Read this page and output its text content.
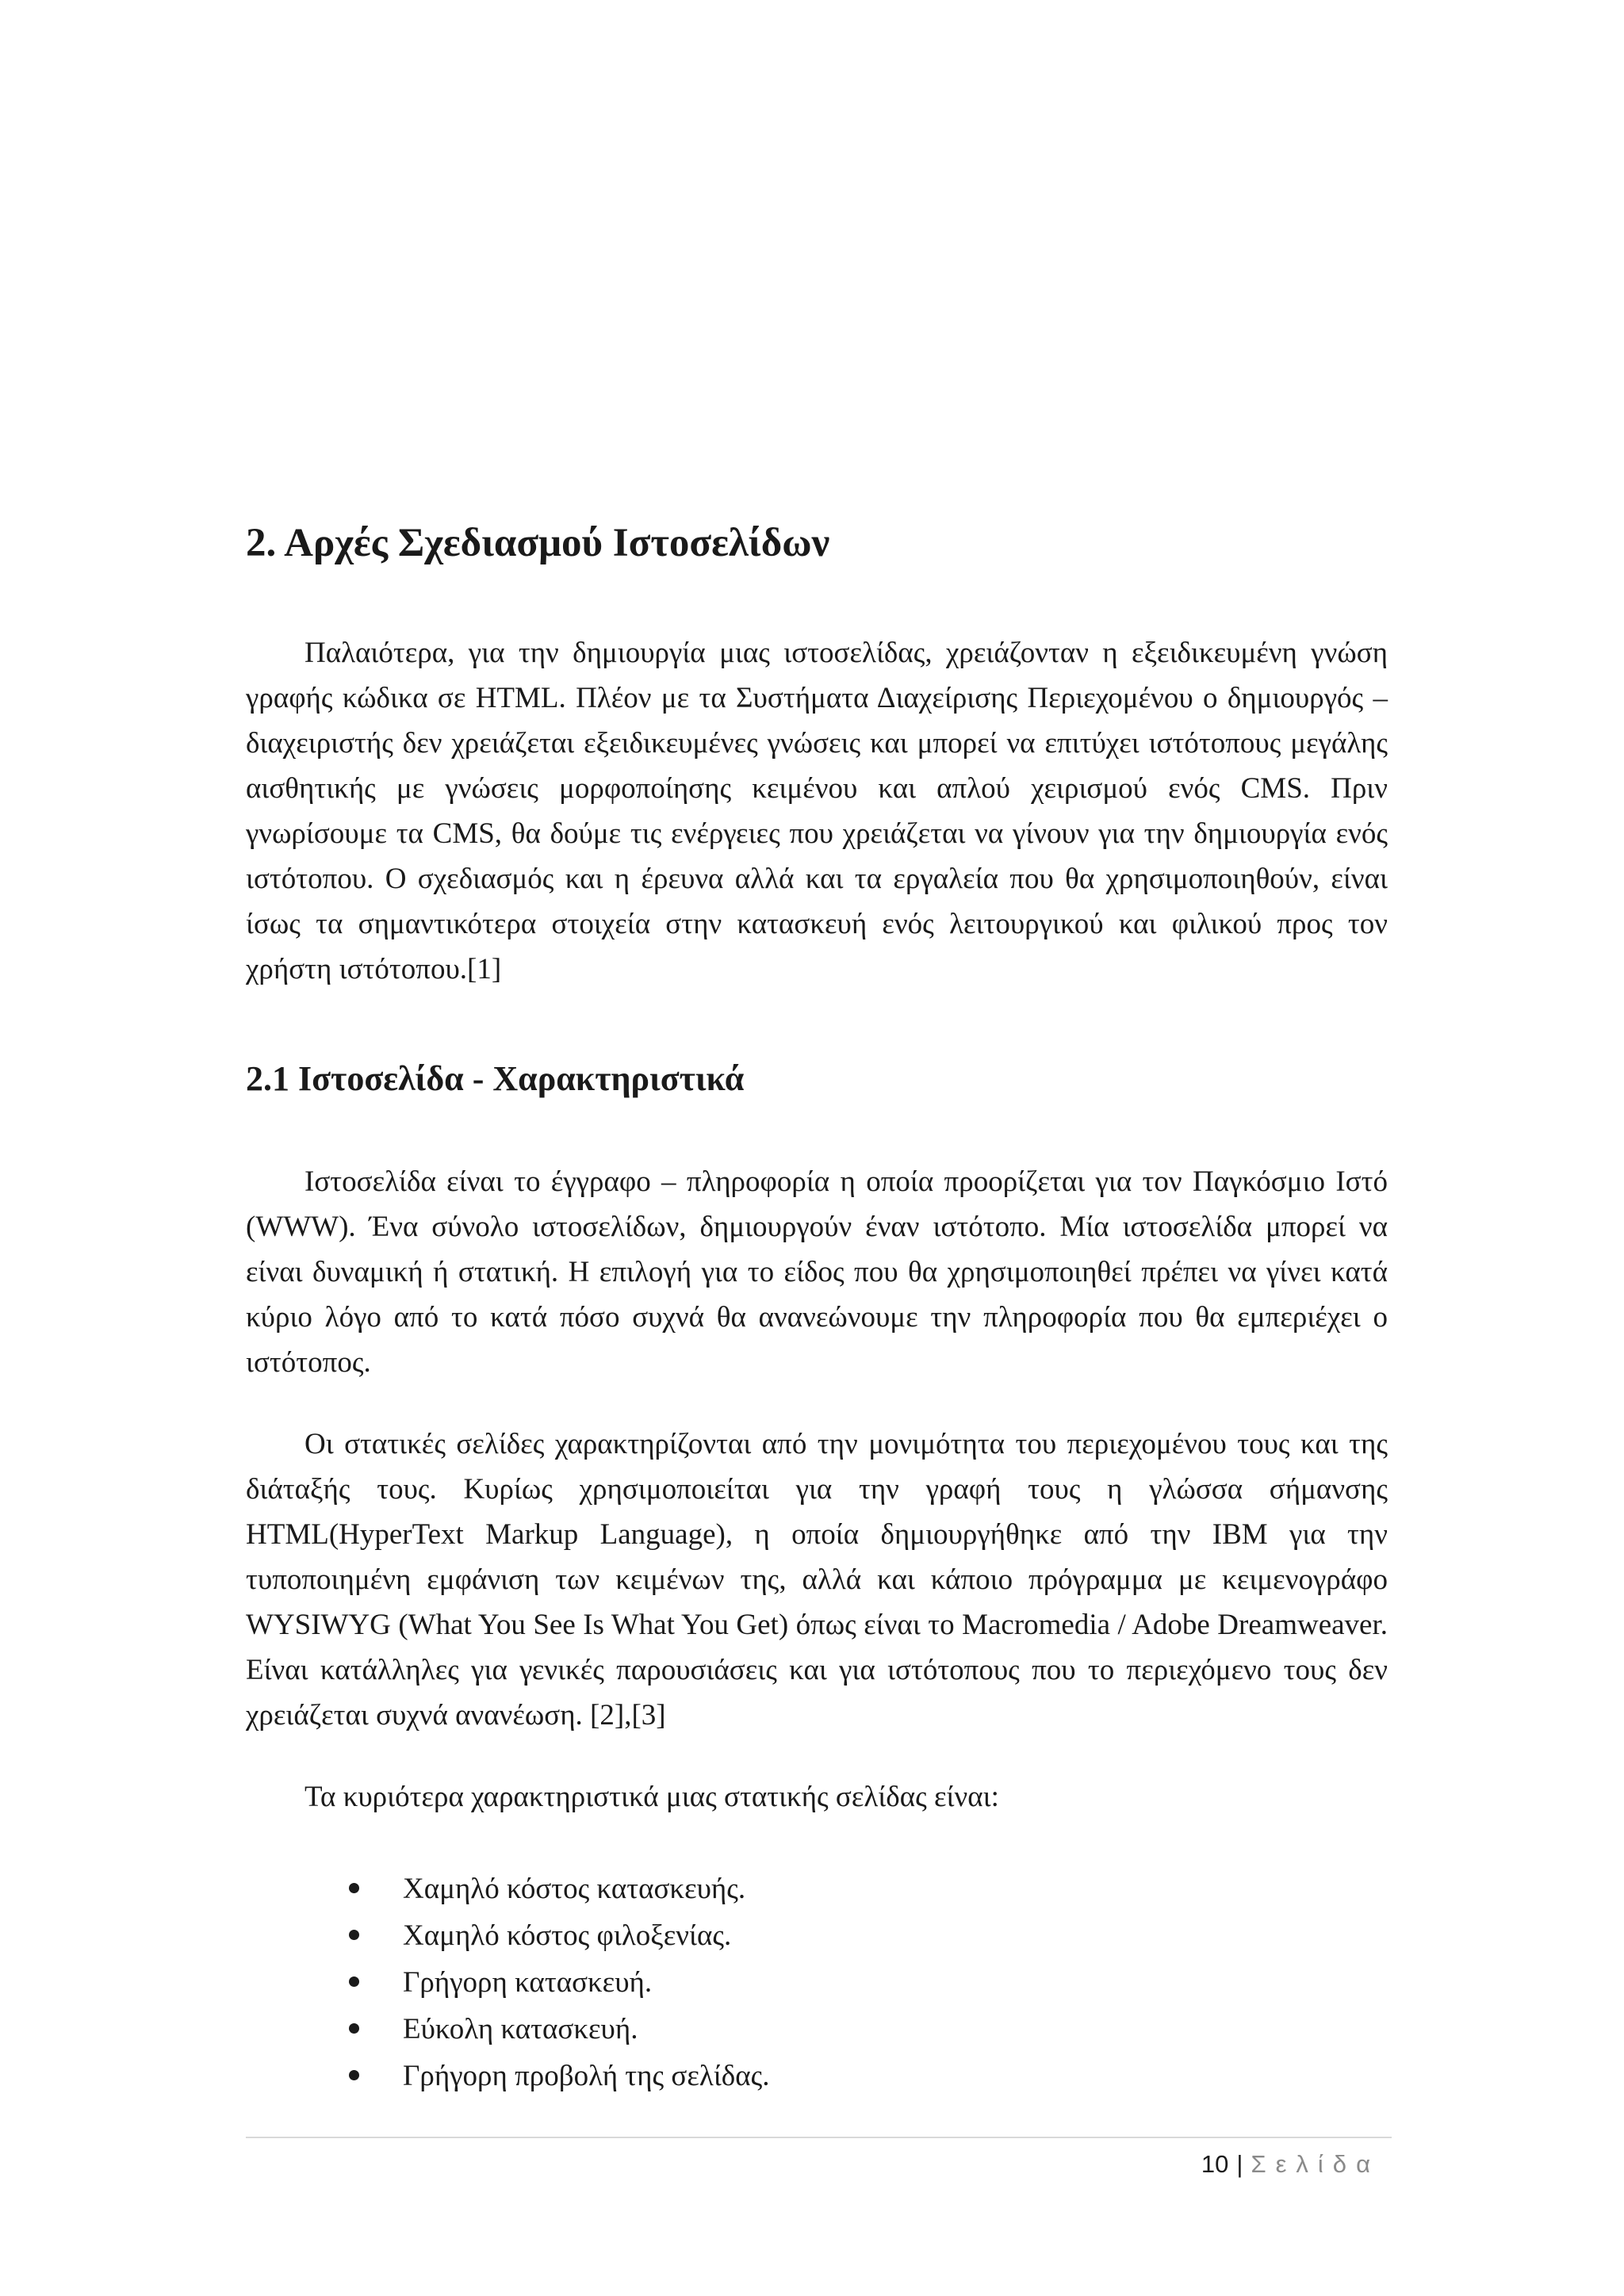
2. Αρχές Σχεδιασμού Ιστοσελίδων

Παλαιότερα, για την δημιουργία μιας ιστοσελίδας, χρειάζονταν η εξειδικευμένη γνώση γραφής κώδικα σε HTML. Πλέον με τα Συστήματα Διαχείρισης Περιεχομένου ο δημιουργός – διαχειριστής δεν χρειάζεται εξειδικευμένες γνώσεις και μπορεί να επιτύχει ιστότοπους μεγάλης αισθητικής με γνώσεις μορφοποίησης κειμένου και απλού χειρισμού ενός CMS. Πριν γνωρίσουμε τα CMS, θα δούμε τις ενέργειες που χρειάζεται να γίνουν για την δημιουργία ενός ιστότοπου. Ο σχεδιασμός και η έρευνα αλλά και τα εργαλεία που θα χρησιμοποιηθούν, είναι ίσως τα σημαντικότερα στοιχεία στην κατασκευή ενός λειτουργικού και φιλικού προς τον χρήστη ιστότοπου.[1]

2.1 Ιστοσελίδα - Χαρακτηριστικά

Ιστοσελίδα είναι το έγγραφο – πληροφορία η οποία προορίζεται για τον Παγκόσμιο Ιστό (WWW). Ένα σύνολο ιστοσελίδων, δημιουργούν έναν ιστότοπο. Μία ιστοσελίδα μπορεί να είναι δυναμική ή στατική. Η επιλογή για το είδος που θα χρησιμοποιηθεί πρέπει να γίνει κατά κύριο λόγο από το κατά πόσο συχνά θα ανανεώνουμε την πληροφορία που θα εμπεριέχει ο ιστότοπος.

Οι στατικές σελίδες χαρακτηρίζονται από την μονιμότητα του περιεχομένου τους και της διάταξής τους. Κυρίως χρησιμοποιείται για την γραφή τους η γλώσσα σήμανσης HTML(HyperText Markup Language), η οποία δημιουργήθηκε από την IBM για την τυποποιημένη εμφάνιση των κειμένων της, αλλά και κάποιο πρόγραμμα με κειμενογράφο WYSIWYG (What You See Is What You Get) όπως είναι το Macromedia / Adobe Dreamweaver. Είναι κατάλληλες για γενικές παρουσιάσεις και για ιστότοπους που το περιεχόμενο τους δεν χρειάζεται συχνά ανανέωση. [2],[3]

Τα κυριότερα χαρακτηριστικά μιας στατικής σελίδας είναι:

Χαμηλό κόστος κατασκευής.
Χαμηλό κόστος φιλοξενίας.
Γρήγορη κατασκευή.
Εύκολη κατασκευή.
Γρήγορη προβολή της σελίδας.
10 | Σελίδα
